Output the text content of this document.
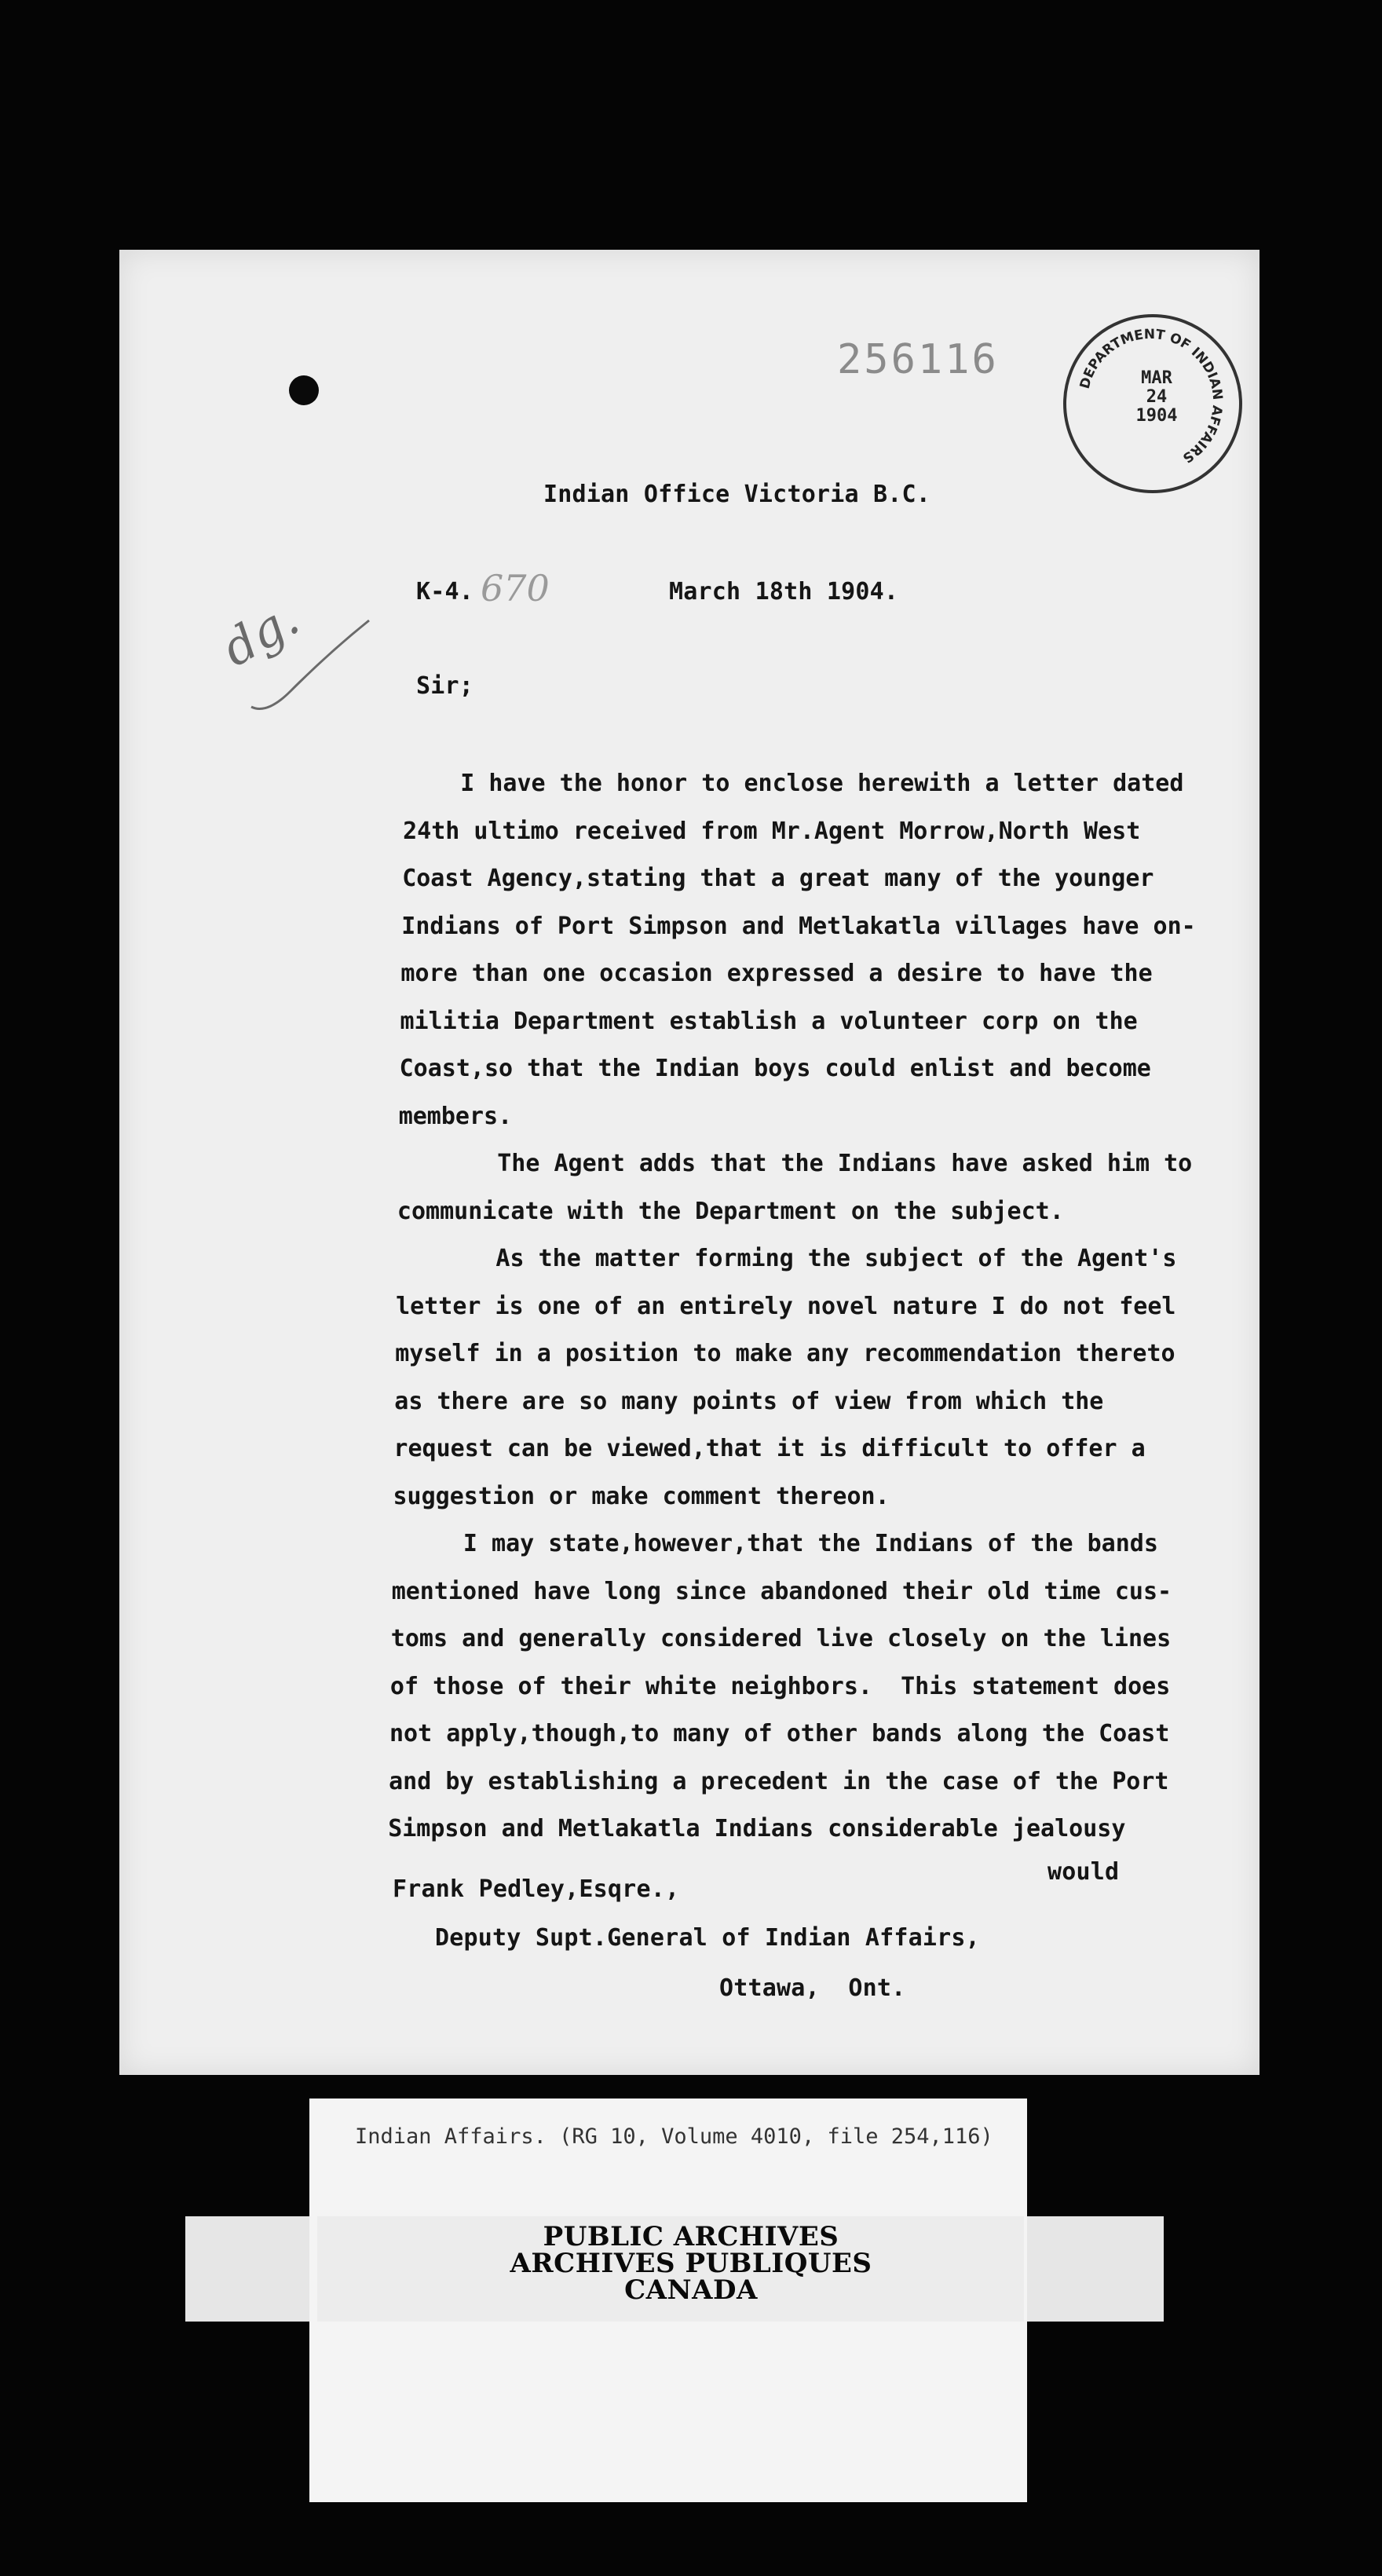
256116	DEPARTMENT OF INDIAN AFFAIRS
MAR
24
1904
Indian Office Victoria B.C.
K-4. 670	March 18th 1904.
dg.
Sir;
I have the honor to enclose herewith a letter dated
24th ultimo received from Mr.Agent Morrow,North West
Coast Agency,stating that a great many of the younger
Indians of Port Simpson and Metlakatla villages have on-
more than one occasion expressed a desire to have the
militia Department establish a volunteer corp on the
Coast,so that the Indian boys could enlist and become
members.
The Agent adds that the Indians have asked him to
communicate with the Department on the subject.
As the matter forming the subject of the Agent's
letter is one of an entirely novel nature I do not feel
myself in a position to make any recommendation thereto
as there are so many points of view from which the
request can be viewed,that it is difficult to offer a
suggestion or make comment thereon.
I may state,however,that the Indians of the bands
mentioned have long since abandoned their old time cus-
toms and generally considered live closely on the lines
of those of their white neighbors.  This statement does
not apply,though,to many of other bands along the Coast
and by establishing a precedent in the case of the Port
Simpson and Metlakatla Indians considerable jealousy
would
Frank Pedley,Esqre.,
Deputy Supt.General of Indian Affairs,
Ottawa,  Ont.
Indian Affairs. (RG 10, Volume 4010, file 254,116)
PUBLIC ARCHIVES
ARCHIVES PUBLIQUES
CANADA
